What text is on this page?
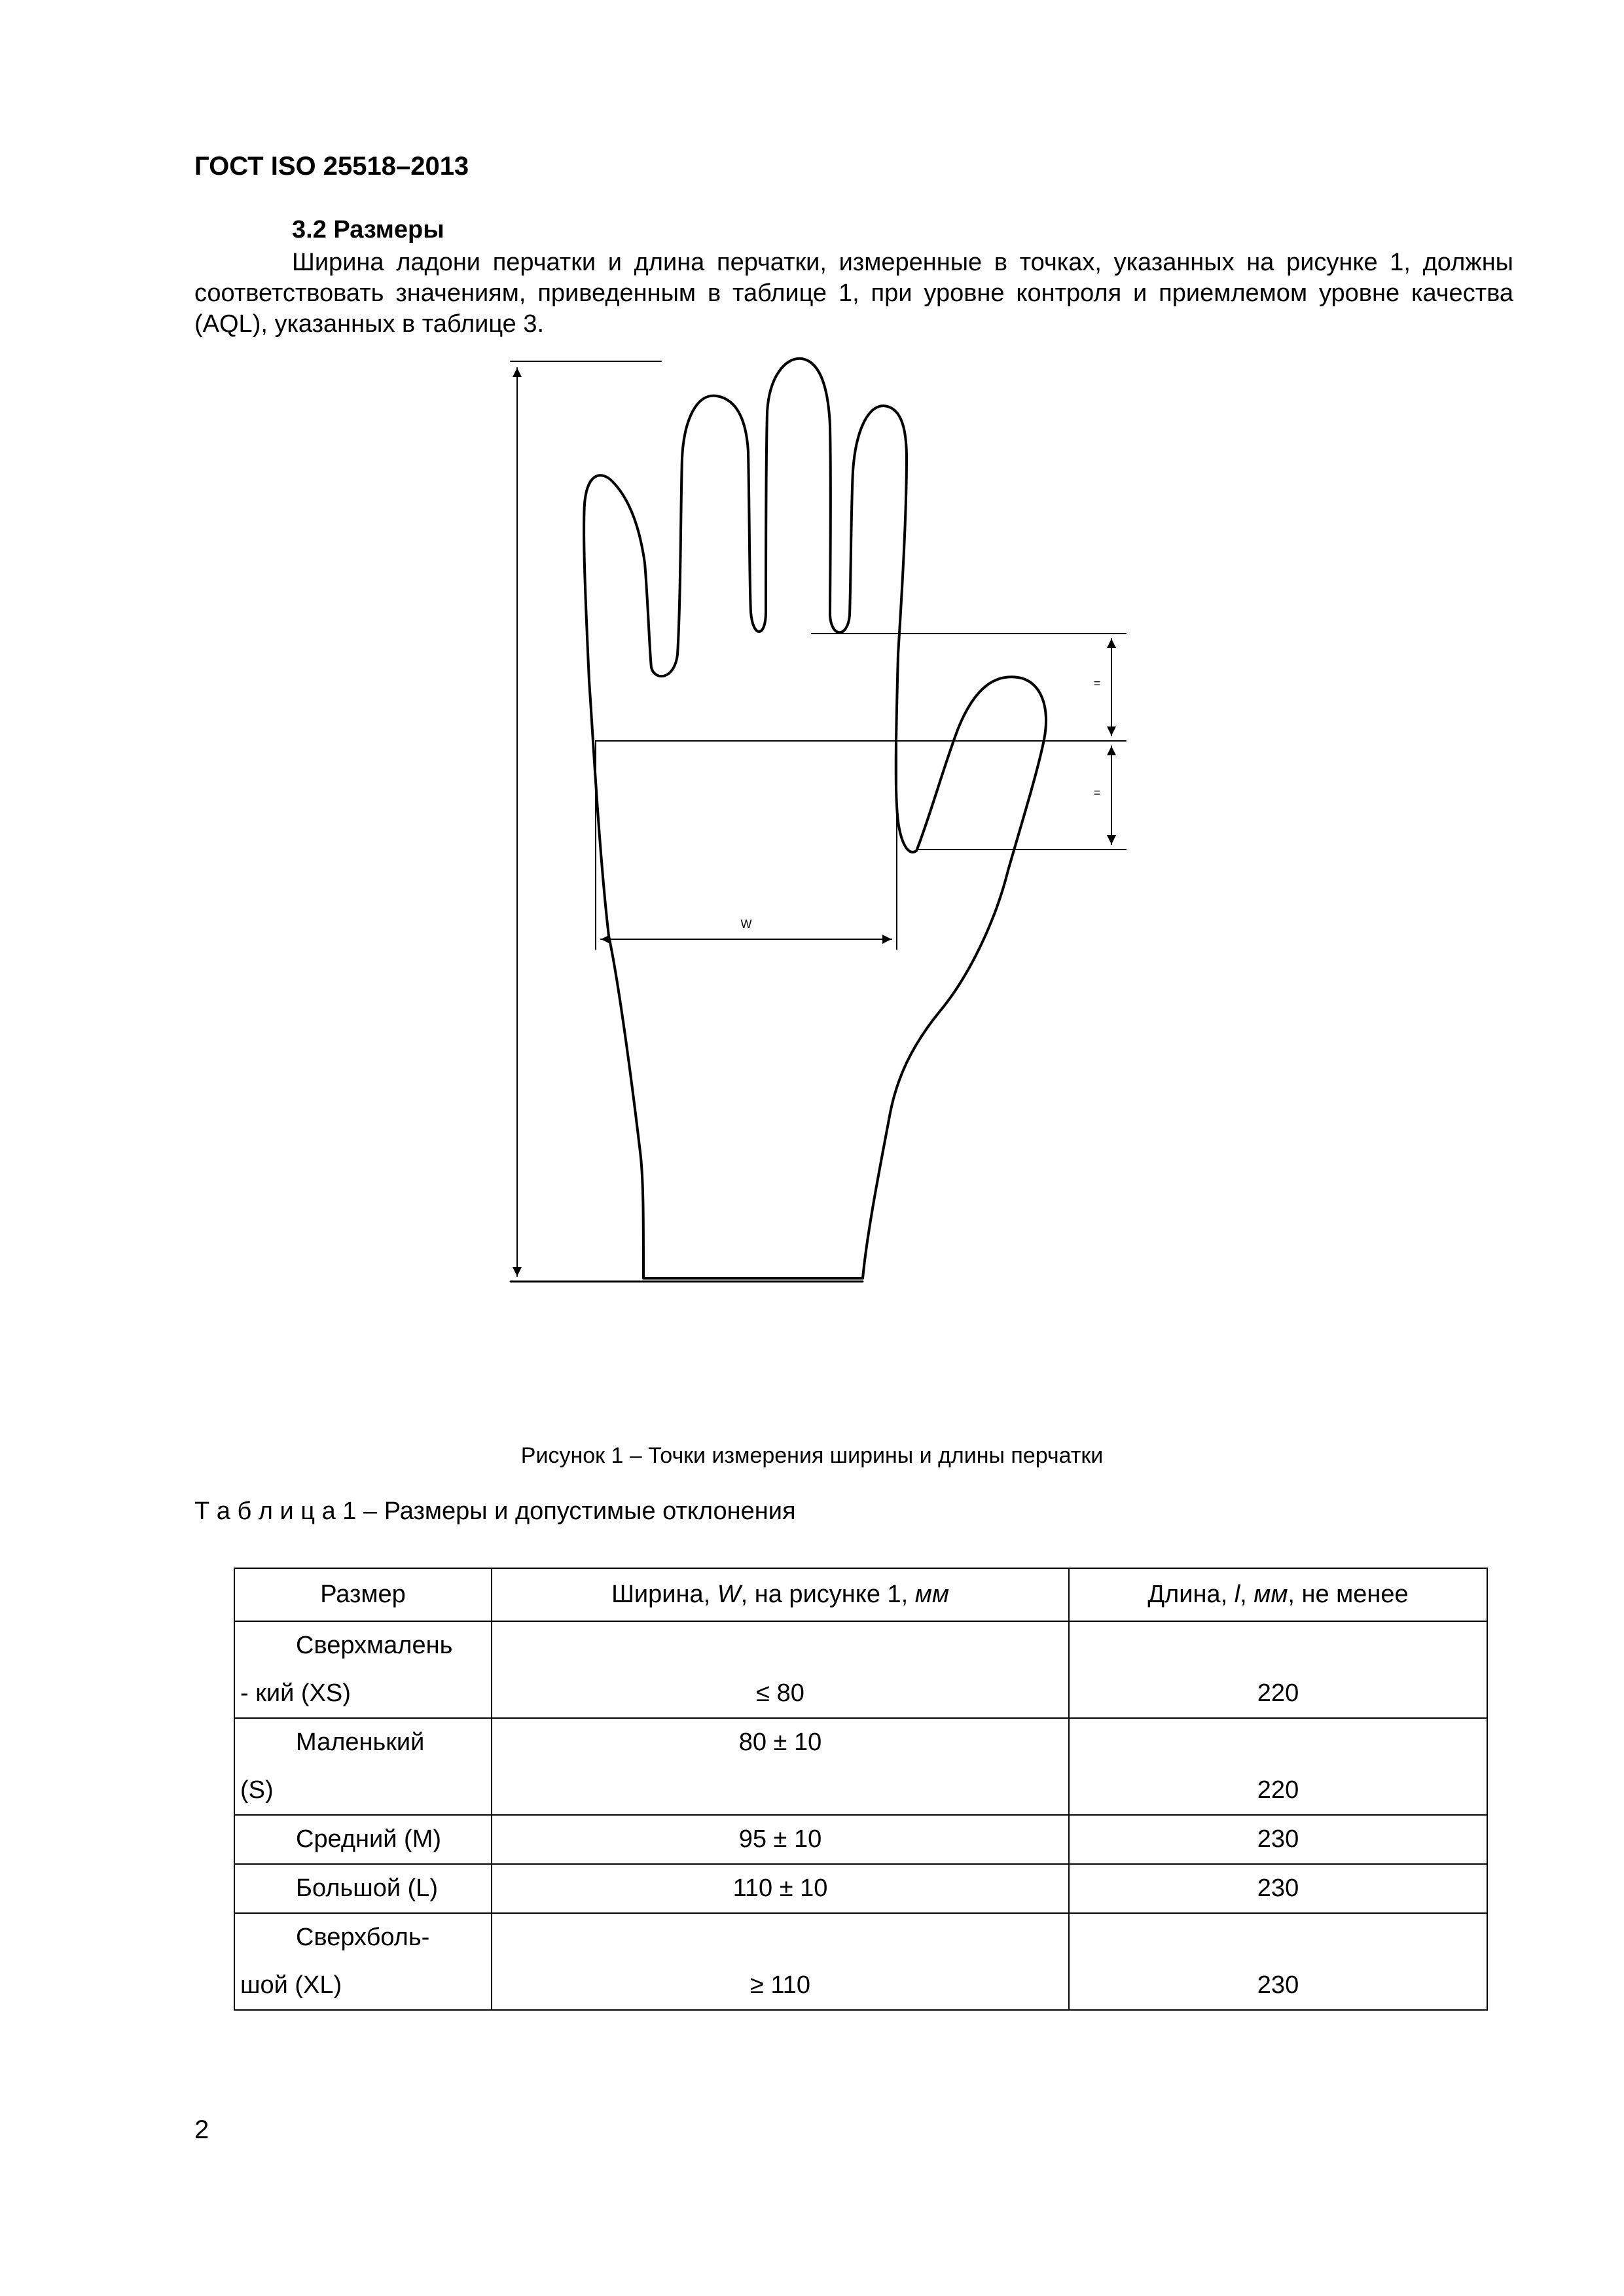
ГОСТ ISO 25518–2013
3.2 Размеры

Ширина ладони перчатки и длина перчатки, измеренные в точках, указанных на рисунке 1, должны соответствовать значениям, приведенным в таблице 1, при уровне контроля и приемлемом уровне качества (AQL), указанных в таблице 3.

W
=
=
Рисунок 1 – Точки измерения ширины и длины перчатки
Т а б л и ц а 1 – Размеры и допустимые отклонения
Размер	Ширина, W, на рисунке 1, мм	Длина, l, мм, не менее
Сверхмалень
- кий (XS)	≤ 80	220
Маленький
(S)	80 ± 10	220
Средний (M)	95 ± 10	230
Большой (L)	110 ± 10	230
Сверхболь-
шой (XL)	≥ 110	230
2
